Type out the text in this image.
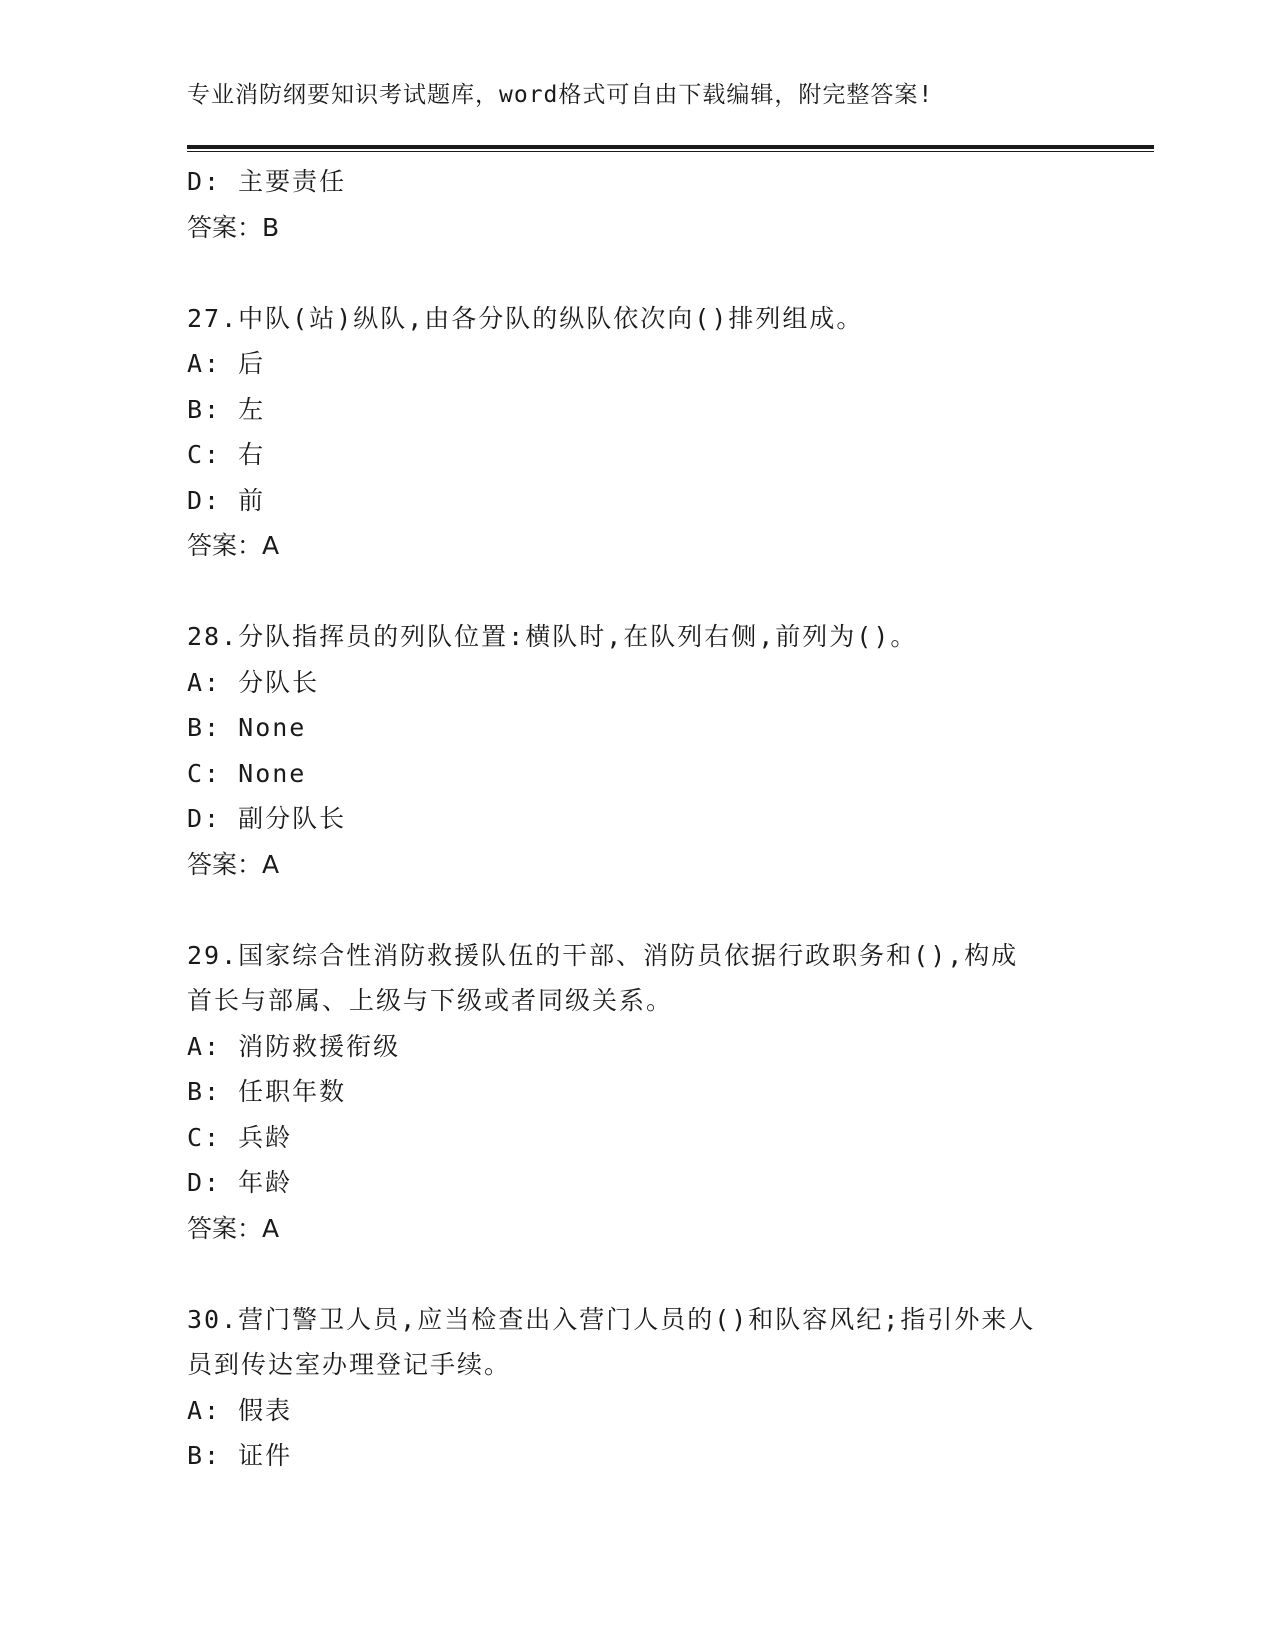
专业消防纲要知识考试题库，word格式可自由下载编辑，附完整答案!
D: 主要责任
答案：B
27.中队(站)纵队,由各分队的纵队依次向()排列组成。
A: 后
B: 左
C: 右
D: 前
答案：A
28.分队指挥员的列队位置:横队时,在队列右侧,前列为()。
A: 分队长
B: None
C: None
D: 副分队长
答案：A
29.国家综合性消防救援队伍的干部、消防员依据行政职务和(),构成
首长与部属、上级与下级或者同级关系。
A: 消防救援衔级
B: 任职年数
C: 兵龄
D: 年龄
答案：A
30.营门警卫人员,应当检查出入营门人员的()和队容风纪;指引外来人
员到传达室办理登记手续。
A: 假表
B: 证件
